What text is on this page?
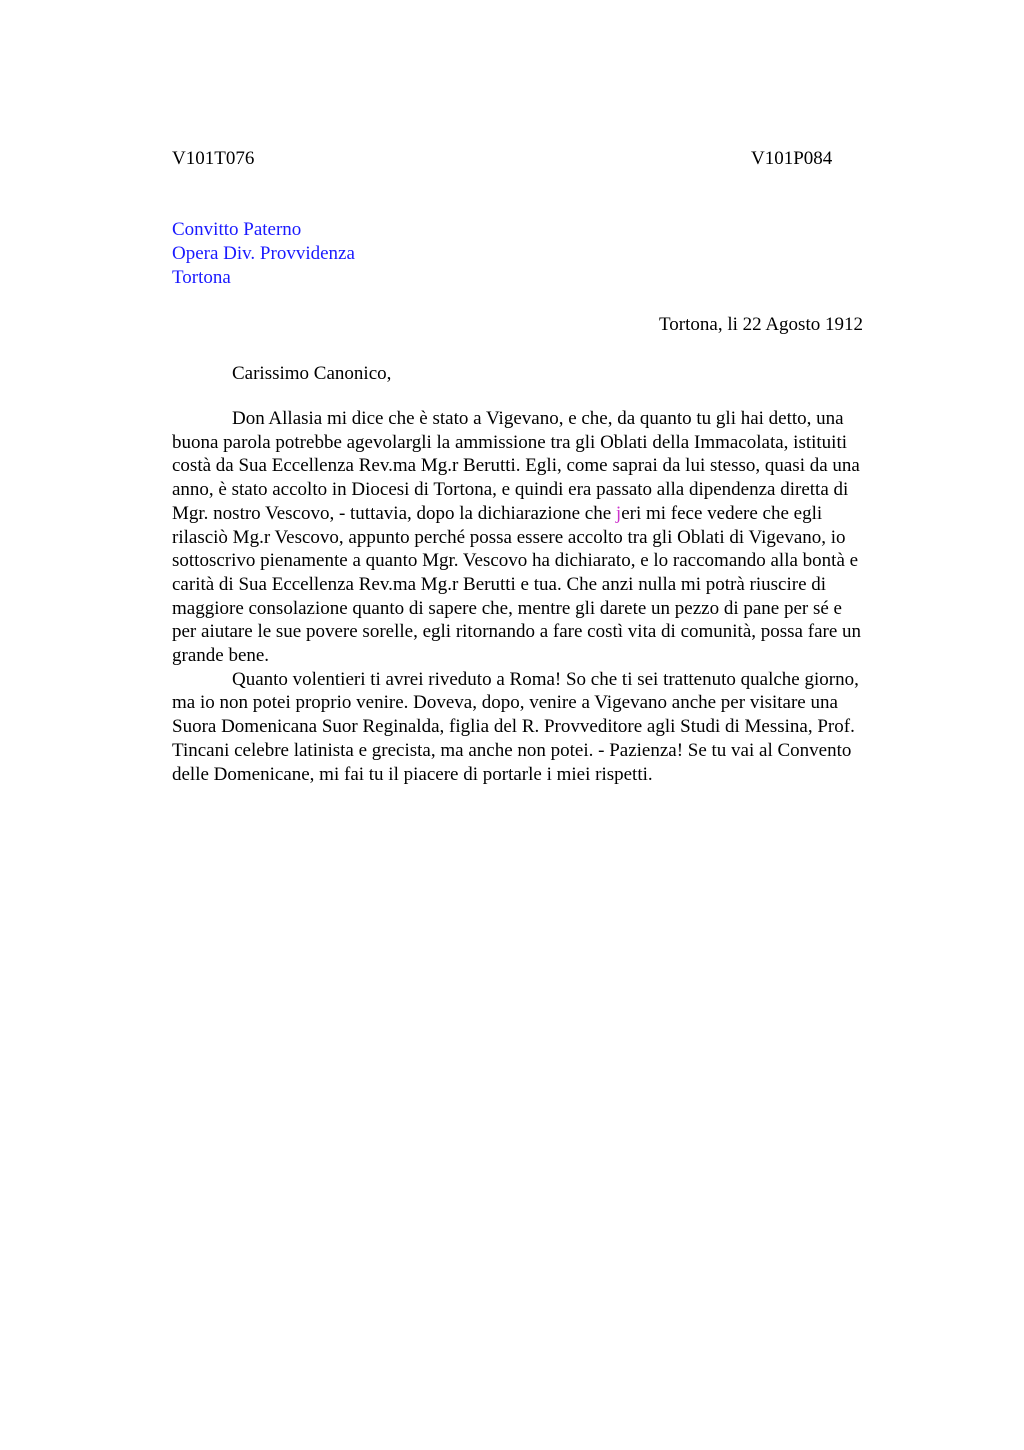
V101T076	V101P084
Convitto Paterno
Opera Div. Provvidenza
Tortona
Tortona, li 22 Agosto 1912
Carissimo Canonico,
Don Allasia mi dice che è stato a Vigevano, e che, da quanto tu gli hai detto, una
buona parola potrebbe agevolargli la ammissione tra gli Oblati della Immacolata, istituiti
costà da Sua Eccellenza Rev.ma Mg.r Berutti. Egli, come saprai da lui stesso, quasi da una
anno, è stato accolto in Diocesi di Tortona, e quindi era passato alla dipendenza diretta di
Mgr. nostro Vescovo, - tuttavia, dopo la dichiarazione che jeri mi fece vedere che egli
rilasciò Mg.r Vescovo, appunto perché possa essere accolto tra gli Oblati di Vigevano, io
sottoscrivo pienamente a quanto Mgr. Vescovo ha dichiarato, e lo raccomando alla bontà e
carità di Sua Eccellenza Rev.ma Mg.r Berutti e tua. Che anzi nulla mi potrà riuscire di
maggiore consolazione quanto di sapere che, mentre gli darete un pezzo di pane per sé e
per aiutare le sue povere sorelle, egli ritornando a fare costì vita di comunità, possa fare un
grande bene.
Quanto volentieri ti avrei riveduto a Roma! So che ti sei trattenuto qualche giorno,
ma io non potei proprio venire. Doveva, dopo, venire a Vigevano anche per visitare una
Suora Domenicana Suor Reginalda, figlia del R. Provveditore agli Studi di Messina, Prof.
Tincani celebre latinista e grecista, ma anche non potei. - Pazienza! Se tu vai al Convento
delle Domenicane, mi fai tu il piacere di portarle i miei rispetti.
